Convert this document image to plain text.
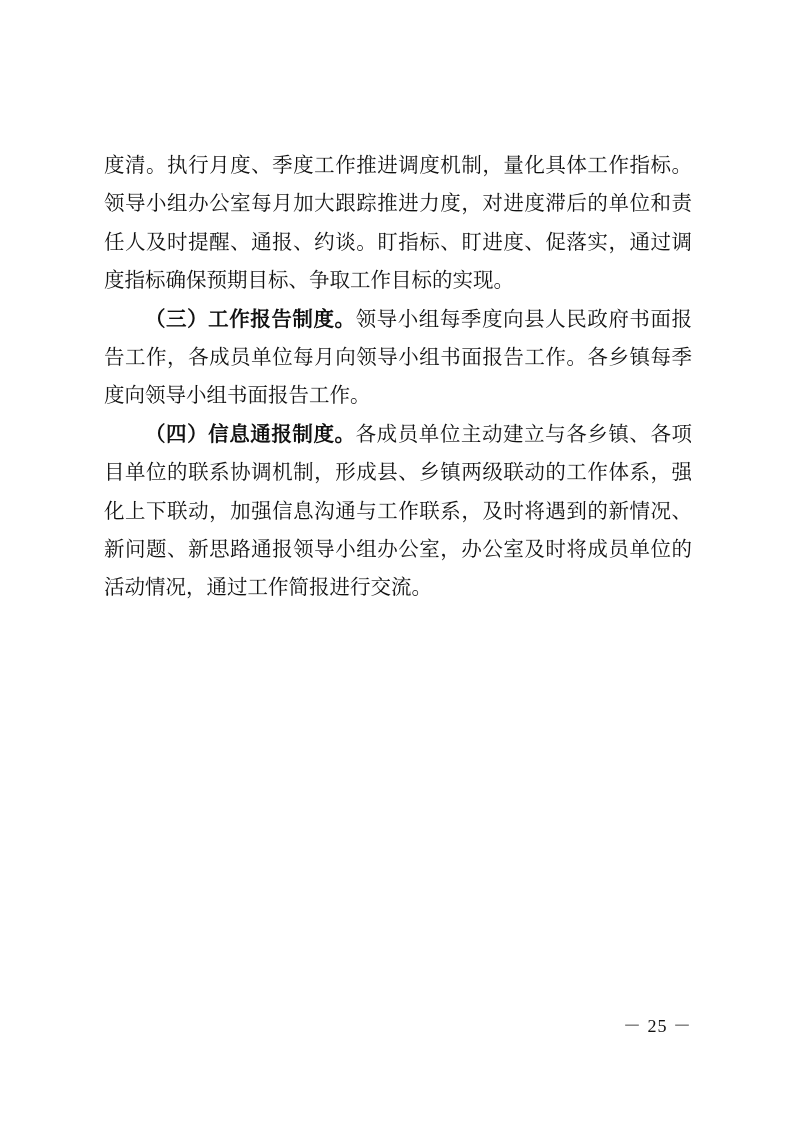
度清。执行月度、季度工作推进调度机制，量化具体工作指标。
领导小组办公室每月加大跟踪推进力度，对进度滞后的单位和责
任人及时提醒、通报、约谈。盯指标、盯进度、促落实，通过调
度指标确保预期目标、争取工作目标的实现。
（三）工作报告制度。领导小组每季度向县人民政府书面报
告工作，各成员单位每月向领导小组书面报告工作。各乡镇每季
度向领导小组书面报告工作。
（四）信息通报制度。各成员单位主动建立与各乡镇、各项
目单位的联系协调机制，形成县、乡镇两级联动的工作体系，强
化上下联动，加强信息沟通与工作联系，及时将遇到的新情况、
新问题、新思路通报领导小组办公室，办公室及时将成员单位的
活动情况，通过工作简报进行交流。
－ 25 －
